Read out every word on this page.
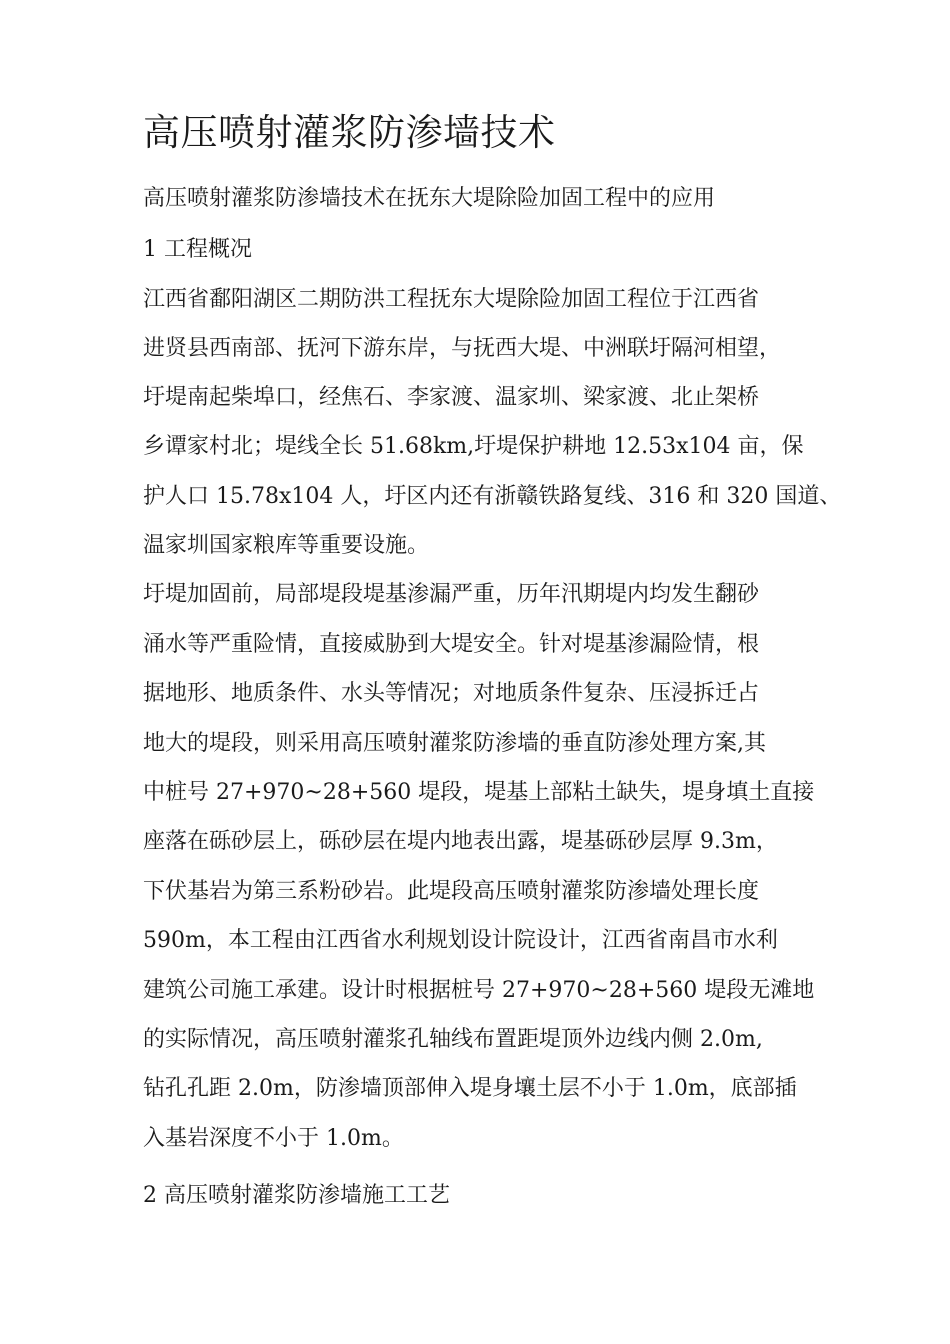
高压喷射灌浆防渗墙技术
高压喷射灌浆防渗墙技术在抚东大堤除险加固工程中的应用
1 工程概况
江西省鄱阳湖区二期防洪工程抚东大堤除险加固工程位于江西省
进贤县西南部、抚河下游东岸，与抚西大堤、中洲联圩隔河相望，
圩堤南起柴埠口，经焦石、李家渡、温家圳、梁家渡、北止架桥
乡谭家村北；堤线全长 51.68km,圩堤保护耕地 12.53x104 亩，保
护人口 15.78x104 人，圩区内还有浙赣铁路复线、316 和 320 国道、
温家圳国家粮库等重要设施。
圩堤加固前，局部堤段堤基渗漏严重，历年汛期堤内均发生翻砂
涌水等严重险情，直接威胁到大堤安全。针对堤基渗漏险情，根
据地形、地质条件、水头等情况；对地质条件复杂、压浸拆迁占
地大的堤段，则采用高压喷射灌浆防渗墙的垂直防渗处理方案,其
中桩号 27+970~28+560 堤段，堤基上部粘土缺失，堤身填土直接
座落在砾砂层上，砾砂层在堤内地表出露，堤基砾砂层厚 9.3m，
下伏基岩为第三系粉砂岩。此堤段高压喷射灌浆防渗墙处理长度
590m，本工程由江西省水利规划设计院设计，江西省南昌市水利
建筑公司施工承建。设计时根据桩号 27+970~28+560 堤段无滩地
的实际情况，高压喷射灌浆孔轴线布置距堤顶外边线内侧 2.0m,
钻孔孔距 2.0m，防渗墙顶部伸入堤身壤土层不小于 1.0m，底部插
入基岩深度不小于 1.0m。
2 高压喷射灌浆防渗墙施工工艺
